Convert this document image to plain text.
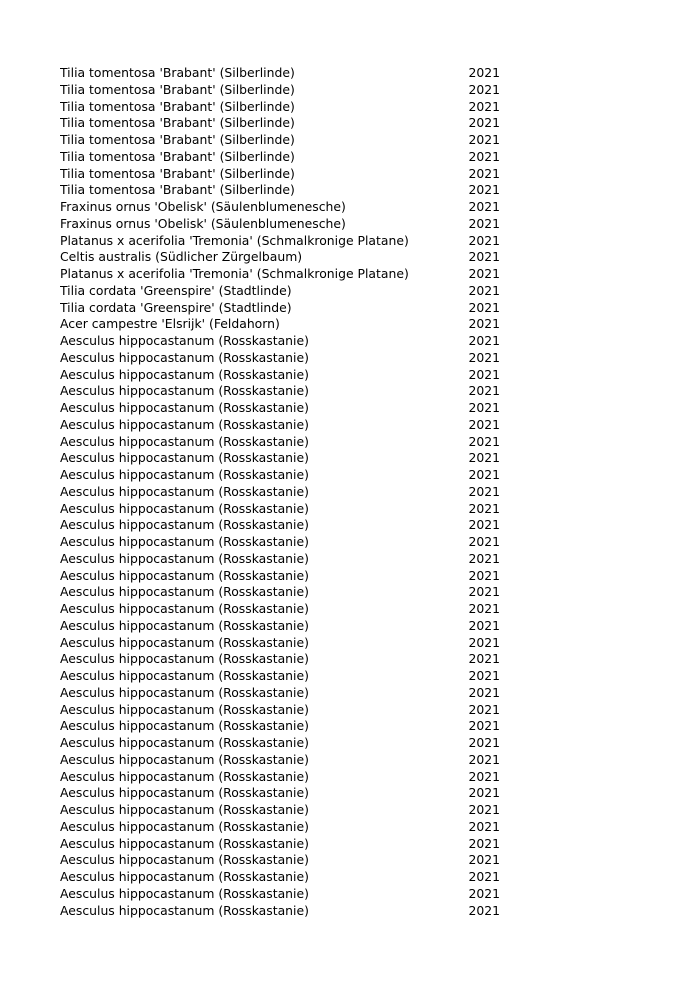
Tilia tomentosa 'Brabant' (Silberlinde)	2021
Tilia tomentosa 'Brabant' (Silberlinde)	2021
Tilia tomentosa 'Brabant' (Silberlinde)	2021
Tilia tomentosa 'Brabant' (Silberlinde)	2021
Tilia tomentosa 'Brabant' (Silberlinde)	2021
Tilia tomentosa 'Brabant' (Silberlinde)	2021
Tilia tomentosa 'Brabant' (Silberlinde)	2021
Tilia tomentosa 'Brabant' (Silberlinde)	2021
Fraxinus ornus 'Obelisk' (Säulenblumenesche)	2021
Fraxinus ornus 'Obelisk' (Säulenblumenesche)	2021
Platanus x acerifolia 'Tremonia' (Schmalkronige Platane)	2021
Celtis australis (Südlicher Zürgelbaum)	2021
Platanus x acerifolia 'Tremonia' (Schmalkronige Platane)	2021
Tilia cordata 'Greenspire' (Stadtlinde)	2021
Tilia cordata 'Greenspire' (Stadtlinde)	2021
Acer campestre 'Elsrijk' (Feldahorn)	2021
Aesculus hippocastanum (Rosskastanie)	2021
Aesculus hippocastanum (Rosskastanie)	2021
Aesculus hippocastanum (Rosskastanie)	2021
Aesculus hippocastanum (Rosskastanie)	2021
Aesculus hippocastanum (Rosskastanie)	2021
Aesculus hippocastanum (Rosskastanie)	2021
Aesculus hippocastanum (Rosskastanie)	2021
Aesculus hippocastanum (Rosskastanie)	2021
Aesculus hippocastanum (Rosskastanie)	2021
Aesculus hippocastanum (Rosskastanie)	2021
Aesculus hippocastanum (Rosskastanie)	2021
Aesculus hippocastanum (Rosskastanie)	2021
Aesculus hippocastanum (Rosskastanie)	2021
Aesculus hippocastanum (Rosskastanie)	2021
Aesculus hippocastanum (Rosskastanie)	2021
Aesculus hippocastanum (Rosskastanie)	2021
Aesculus hippocastanum (Rosskastanie)	2021
Aesculus hippocastanum (Rosskastanie)	2021
Aesculus hippocastanum (Rosskastanie)	2021
Aesculus hippocastanum (Rosskastanie)	2021
Aesculus hippocastanum (Rosskastanie)	2021
Aesculus hippocastanum (Rosskastanie)	2021
Aesculus hippocastanum (Rosskastanie)	2021
Aesculus hippocastanum (Rosskastanie)	2021
Aesculus hippocastanum (Rosskastanie)	2021
Aesculus hippocastanum (Rosskastanie)	2021
Aesculus hippocastanum (Rosskastanie)	2021
Aesculus hippocastanum (Rosskastanie)	2021
Aesculus hippocastanum (Rosskastanie)	2021
Aesculus hippocastanum (Rosskastanie)	2021
Aesculus hippocastanum (Rosskastanie)	2021
Aesculus hippocastanum (Rosskastanie)	2021
Aesculus hippocastanum (Rosskastanie)	2021
Aesculus hippocastanum (Rosskastanie)	2021
Aesculus hippocastanum (Rosskastanie)	2021
